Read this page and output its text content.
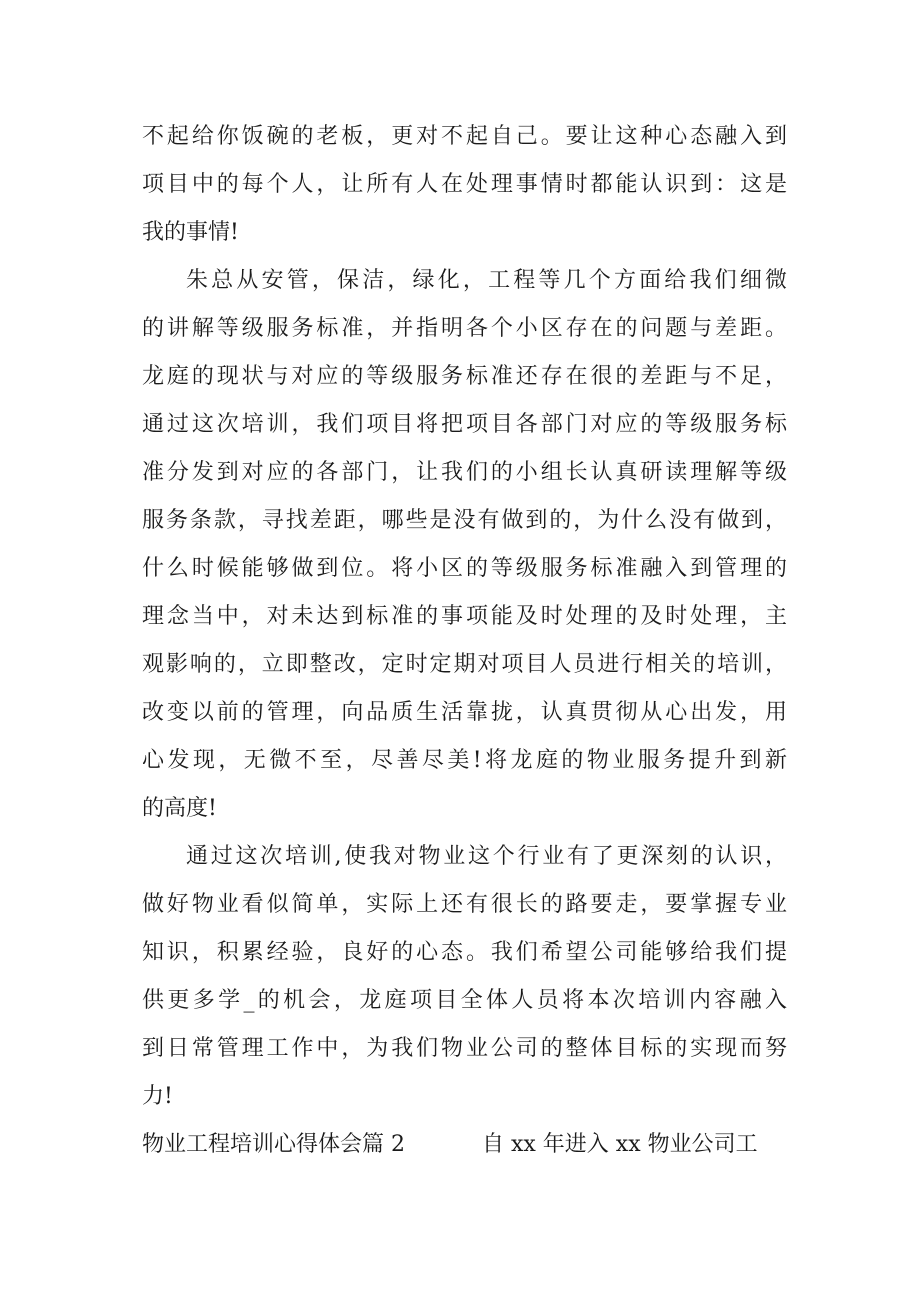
不起给你饭碗的老板，更对不起自己。要让这种心态融入到
项目中的每个人，让所有人在处理事情时都能认识到：这是
我的事情!
朱总从安管，保洁，绿化，工程等几个方面给我们细微
的讲解等级服务标准，并指明各个小区存在的问题与差距。
龙庭的现状与对应的等级服务标准还存在很的差距与不足，
通过这次培训，我们项目将把项目各部门对应的等级服务标
准分发到对应的各部门，让我们的小组长认真研读理解等级
服务条款，寻找差距，哪些是没有做到的，为什么没有做到，
什么时候能够做到位。将小区的等级服务标准融入到管理的
理念当中，对未达到标准的事项能及时处理的及时处理，主
观影响的，立即整改，定时定期对项目人员进行相关的培训，
改变以前的管理，向品质生活靠拢，认真贯彻从心出发，用
心发现，无微不至，尽善尽美!将龙庭的物业服务提升到新
的高度!
通过这次培训,使我对物业这个行业有了更深刻的认识，
做好物业看似简单，实际上还有很长的路要走，要掌握专业
知识，积累经验，良好的心态。我们希望公司能够给我们提
供更多学_的机会，龙庭项目全体人员将本次培训内容融入
到日常管理工作中，为我们物业公司的整体目标的实现而努
力!
物业工程培训心得体会篇 2	自 xx 年进入 xx 物业公司工
